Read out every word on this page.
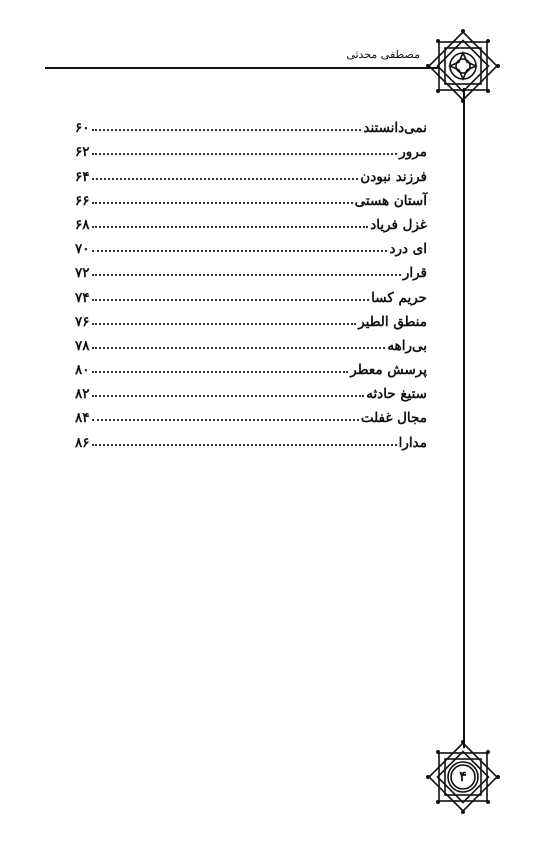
مصطفی محدثی
۴
نمی‌دانستند
۶۰
مرور
۶۲
فرزند نبودن
۶۴
آستان هستی
۶۶
غزل فریاد
۶۸
ای درد
۷۰
قرار
۷۲
حریم کسا
۷۴
منطق الطیر
۷۶
بی‌راهه
۷۸
پرسش معطر
۸۰
ستیغ حادثه
۸۲
مجال غفلت
۸۴
مدارا
۸۶
